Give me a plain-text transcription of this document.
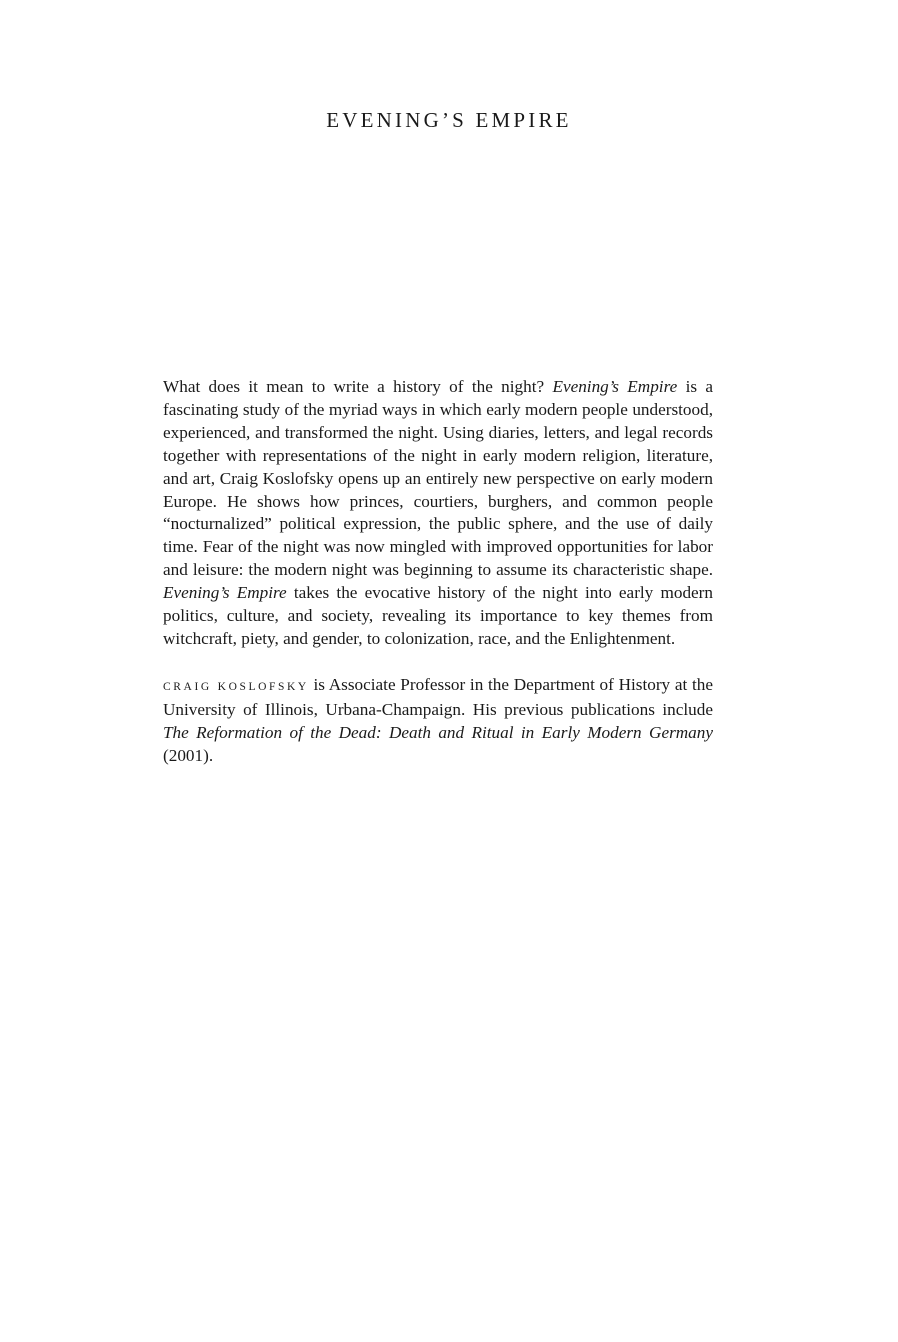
EVENING’S EMPIRE

What does it mean to write a history of the night? Evening’s Empire is a fascinating study of the myriad ways in which early modern people understood, experienced, and transformed the night. Using diaries, letters, and legal records together with representations of the night in early modern religion, literature, and art, Craig Koslofsky opens up an entirely new perspective on early modern Europe. He shows how princes, courtiers, burghers, and common people “nocturnalized” political expression, the public sphere, and the use of daily time. Fear of the night was now mingled with improved opportunities for labor and leisure: the modern night was beginning to assume its characteristic shape. Evening’s Empire takes the evocative history of the night into early modern politics, culture, and society, revealing its importance to key themes from witchcraft, piety, and gender, to colonization, race, and the Enlightenment.

CRAIG KOSLOFSKY is Associate Professor in the Department of History at the University of Illinois, Urbana-Champaign. His previous publications include The Reformation of the Dead: Death and Ritual in Early Modern Germany (2001).
